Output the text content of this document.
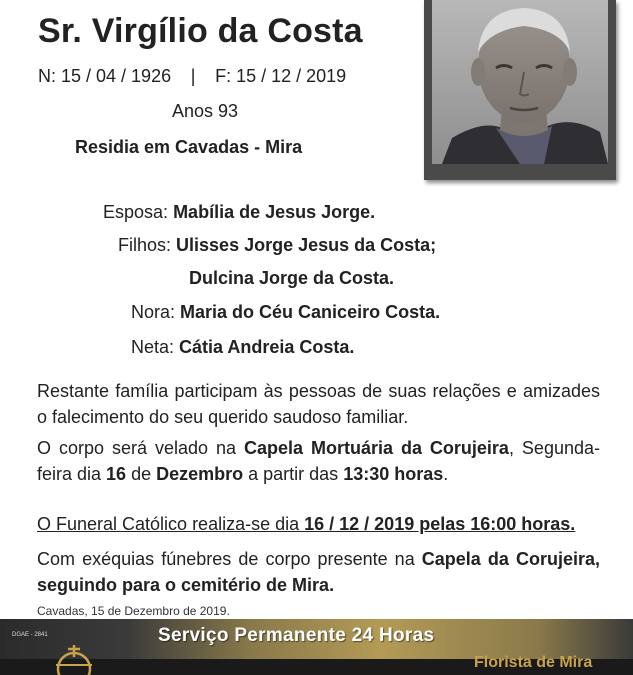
Sr. Virgílio da Costa
N: 15 / 04 / 1926 | F: 15 / 12 / 2019
Anos 93
Residia em Cavadas - Mira
Esposa: Mabília de Jesus Jorge.
Filhos: Ulisses Jorge Jesus da Costa;
Dulcina Jorge da Costa.
Nora: Maria do Céu Caniceiro Costa.
Neta: Cátia Andreia Costa.
Restante família participam às pessoas de suas relações e amizades o falecimento do seu querido saudoso familiar.
O corpo será velado na Capela Mortuária da Corujeira, Segunda-feira dia 16 de Dezembro a partir das 13:30 horas.
O Funeral Católico realiza-se dia 16 / 12 / 2019 pelas 16:00 horas.
Com exéquias fúnebres de corpo presente na Capela da Corujeira, seguindo para o cemitério de Mira.
Cavadas, 15 de Dezembro de 2019.
DGAE - 2841	Serviço Permanente 24 Horas
Florista de Mira
